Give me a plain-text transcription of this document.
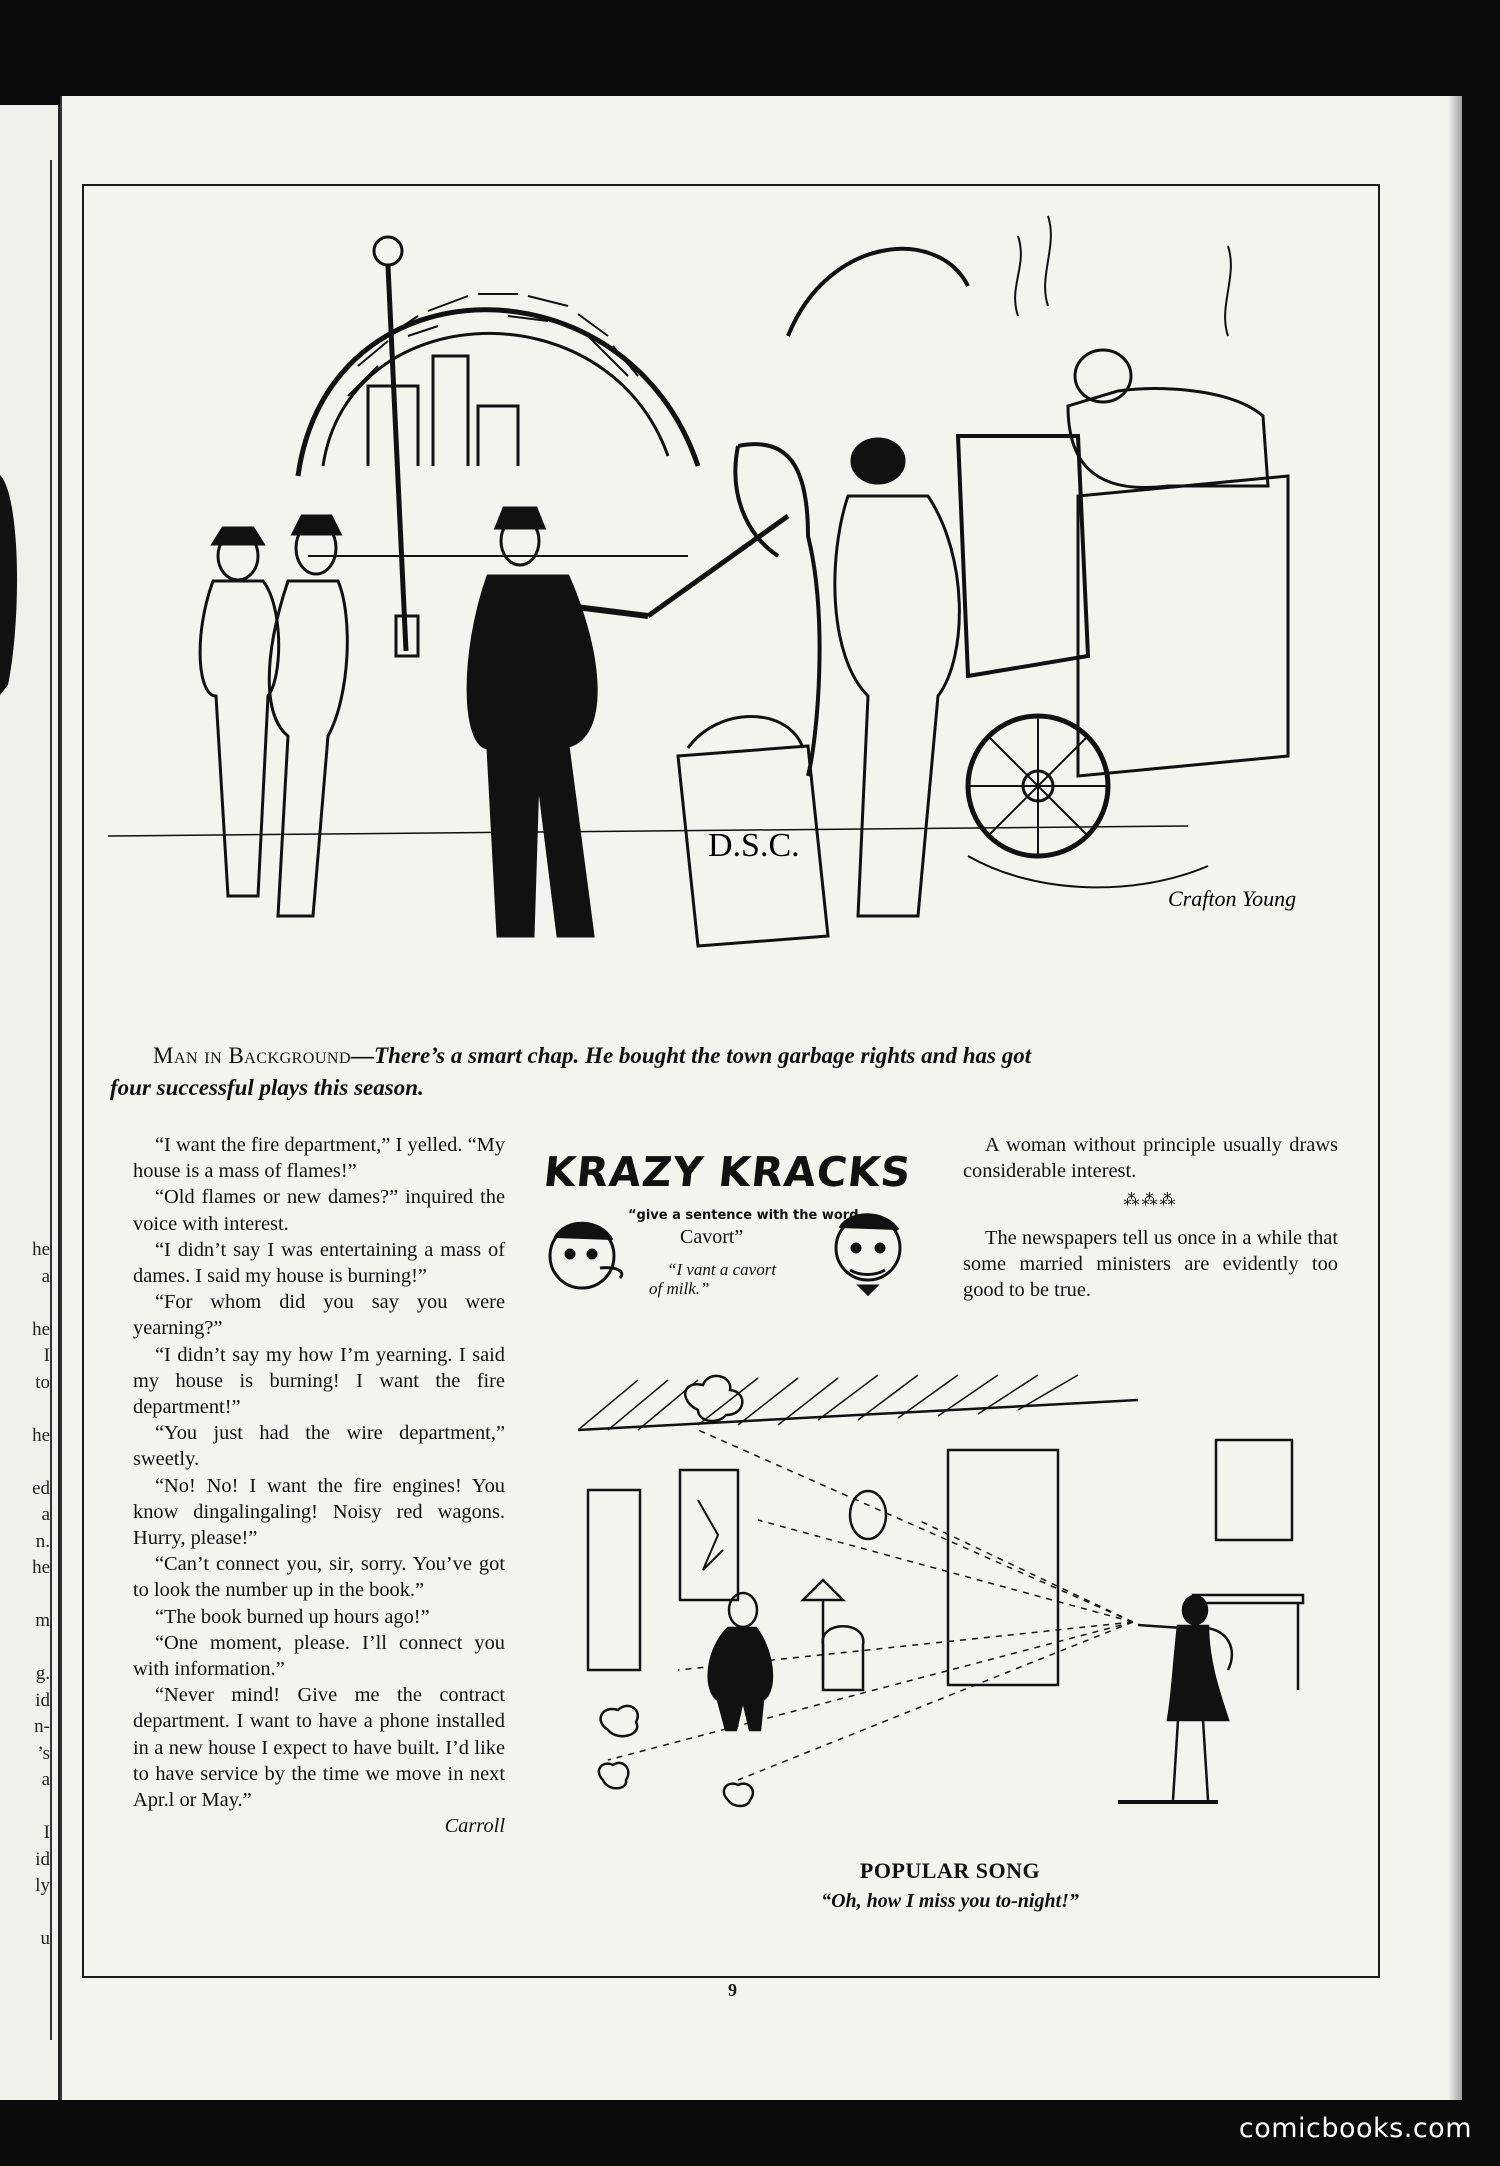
he
a
he
I
to
he
ed
a
n.
he
m
g.
id
n-
’s
a
I
id
ly
u
Crafton Young
D.S.C.
Man in Background—There’s a smart chap. He bought the town garbage rights and has got
four successful plays this season.

“I want the fire department,” I yelled. “My house is a mass of flames!”

“Old flames or new dames?” inquired the voice with interest.

“I didn’t say I was entertaining a mass of dames. I said my house is burning!”

“For whom did you say you were yearning?”

“I didn’t say my how I’m yearning. I said my house is burning! I want the fire department!”

“You just had the wire department,” sweetly.

“No! No! I want the fire engines! You know dingalingaling! Noisy red wagons. Hurry, please!”

“Can’t connect you, sir, sorry. You’ve got to look the number up in the book.”

“The book burned up hours ago!”

“One moment, please. I’ll connect you with information.”

“Never mind! Give me the contract department. I want to have a phone installed in a new house I expect to have built. I’d like to have service by the time we move in next Apr.l or May.”

Carroll
KRAZY KRACKS
“give a sentence with the word
Cavort”
“I vant a cavort
of milk.”

A woman without principle usually draws considerable interest.

⁂⁂⁂

The newspapers tell us once in a while that some married ministers are evidently too good to be true.

POPULAR SONG
“Oh, how I miss you to-night!”
9
comicbooks.com
